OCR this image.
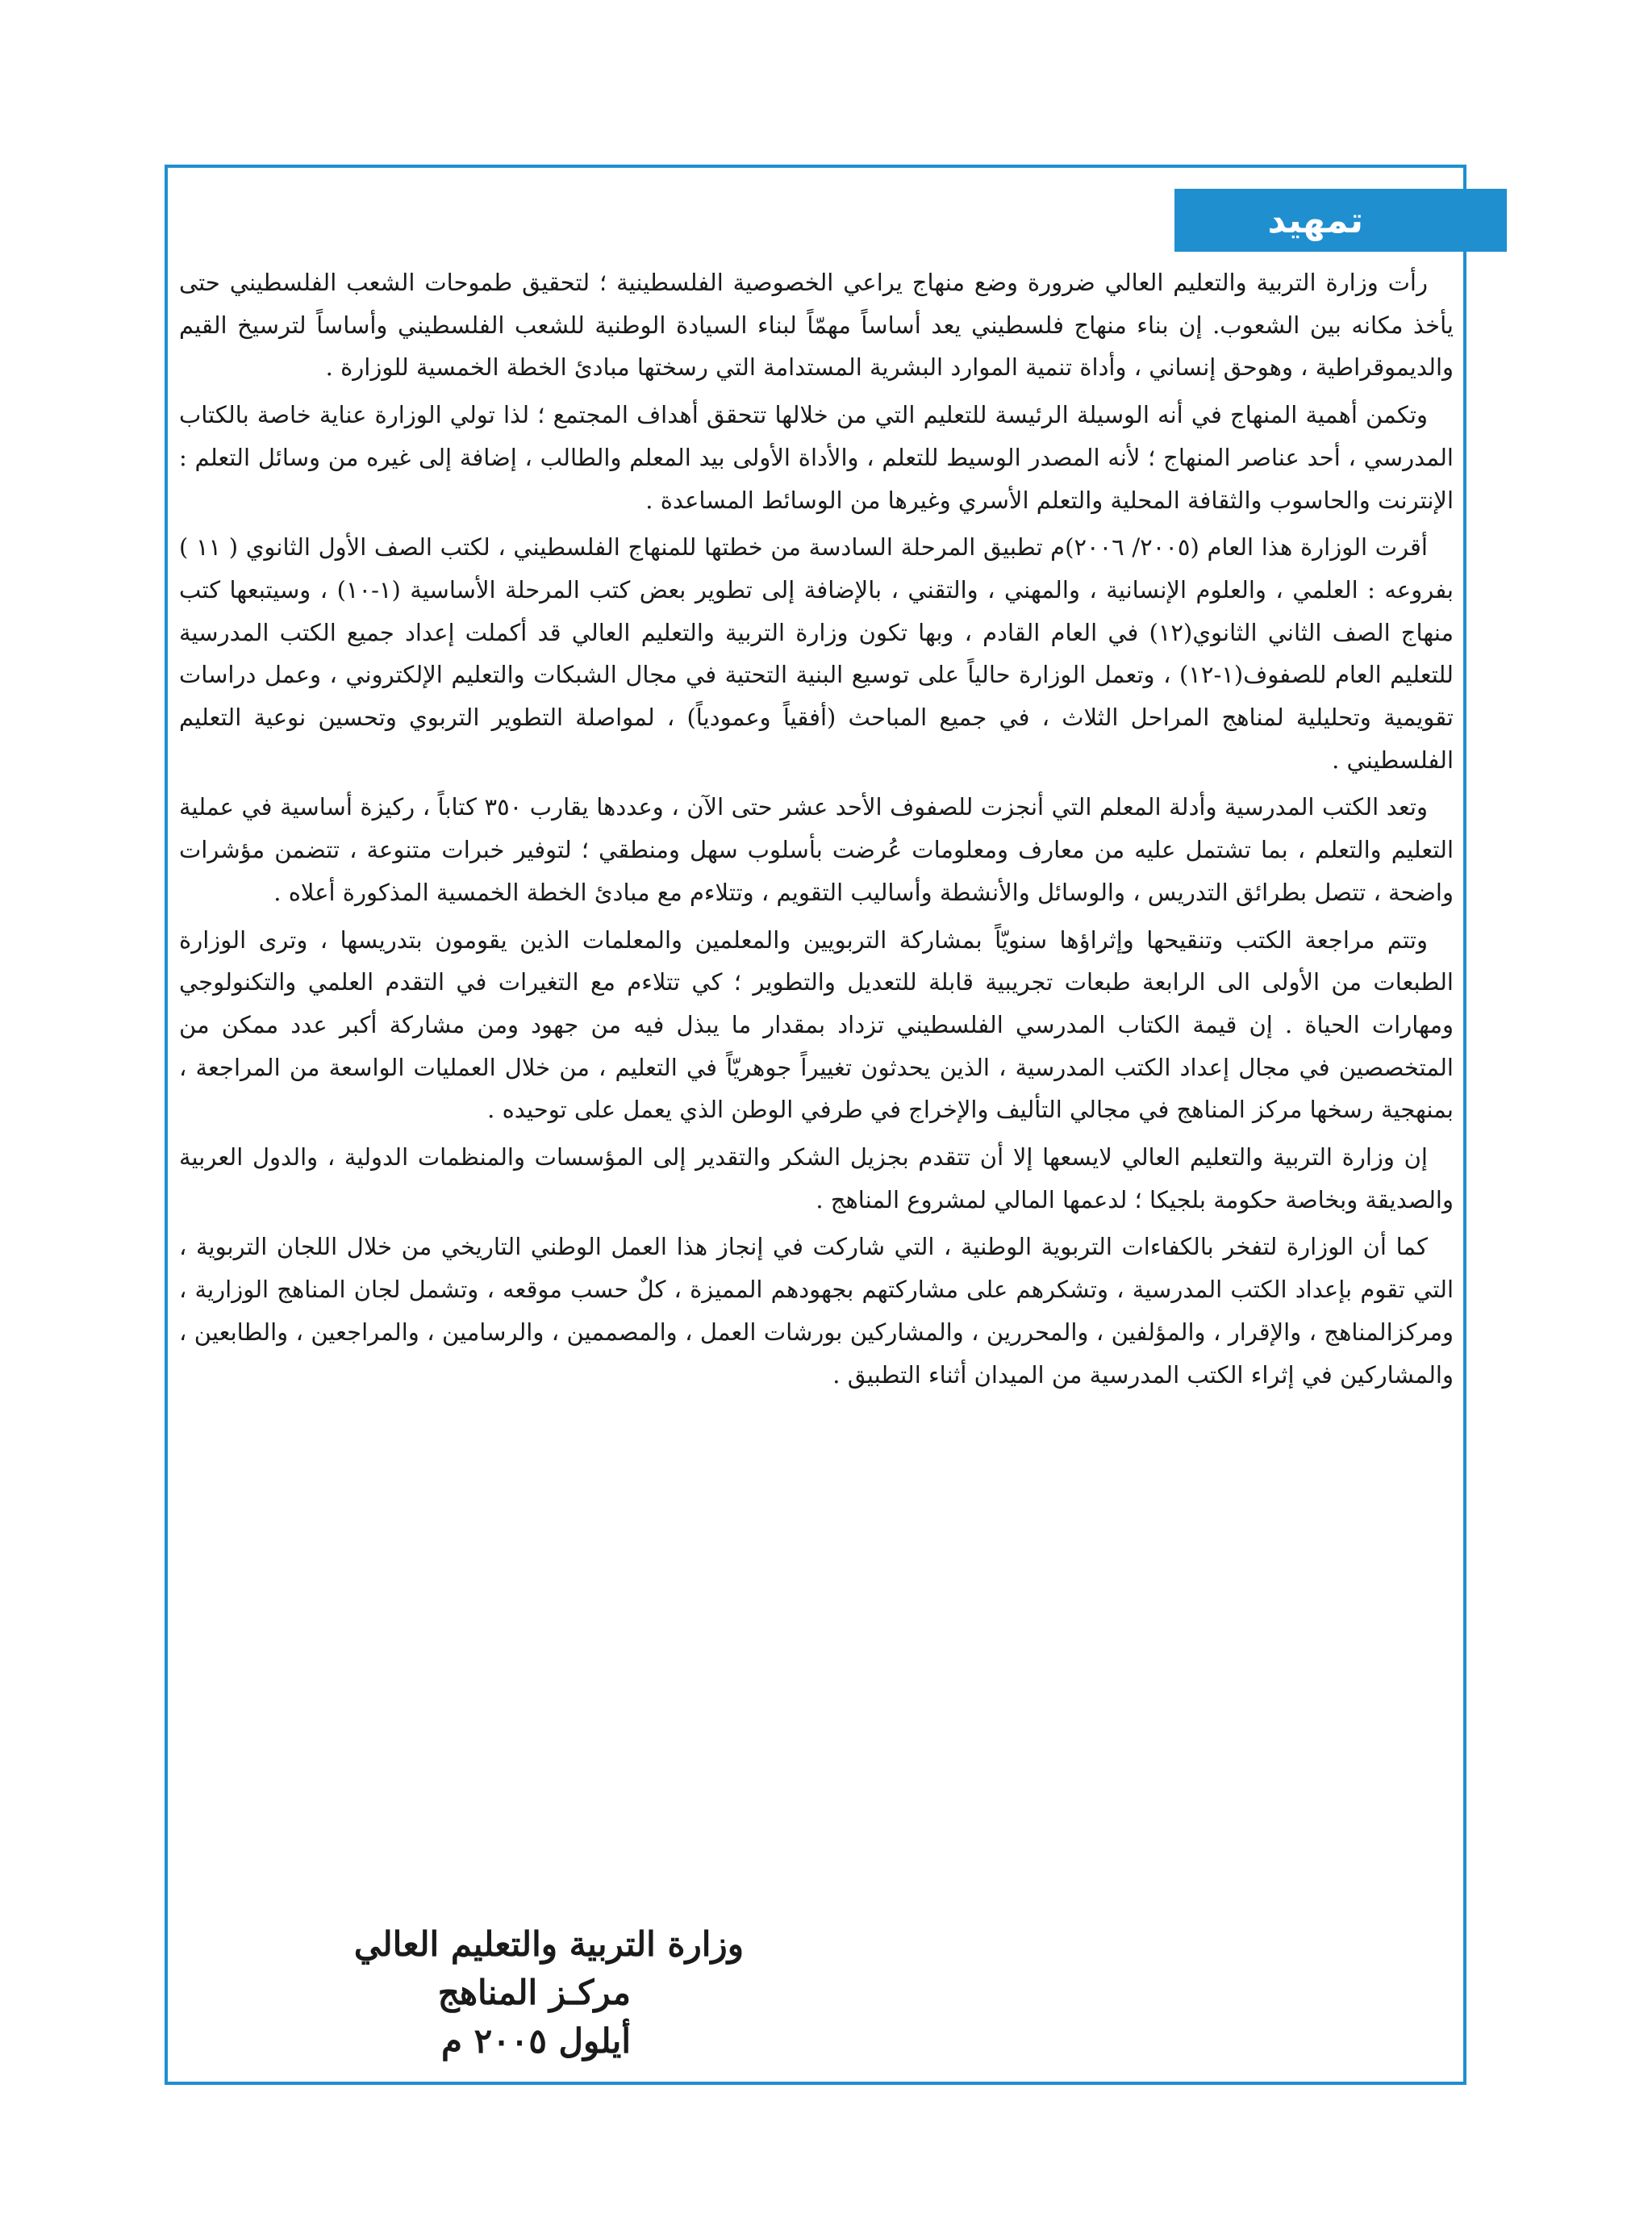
تمهيد

رأت وزارة التربية والتعليم العالي ضرورة وضع منهاج يراعي الخصوصية الفلسطينية ؛ لتحقيق طموحات الشعب الفلسطيني حتى يأخذ مكانه بين الشعوب. إن بناء منهاج فلسطيني يعد أساساً مهمّاً لبناء السيادة الوطنية للشعب الفلسطيني وأساساً لترسيخ القيم والديموقراطية ، وهوحق إنساني ، وأداة تنمية الموارد البشرية المستدامة التي رسختها مبادئ الخطة الخمسية للوزارة .

وتكمن أهمية المنهاج في أنه الوسيلة الرئيسة للتعليم التي من خلالها تتحقق أهداف المجتمع ؛ لذا تولي الوزارة عناية خاصة بالكتاب المدرسي ، أحد عناصر المنهاج ؛ لأنه المصدر الوسيط للتعلم ، والأداة الأولى بيد المعلم والطالب ، إضافة إلى غيره من وسائل التعلم : الإنترنت والحاسوب والثقافة المحلية والتعلم الأسري وغيرها من الوسائط المساعدة .

أقرت الوزارة هذا العام (٢٠٠٥/ ٢٠٠٦)م تطبيق المرحلة السادسة من خطتها للمنهاج الفلسطيني ، لكتب الصف الأول الثانوي ( ١١ ) بفروعه : العلمي ، والعلوم الإنسانية ، والمهني ، والتقني ، بالإضافة إلى تطوير بعض كتب المرحلة الأساسية (١-١٠) ، وسيتبعها كتب منهاج الصف الثاني الثانوي(١٢) في العام القادم ، وبها تكون وزارة التربية والتعليم العالي قد أكملت إعداد جميع الكتب المدرسية للتعليم العام للصفوف(١-١٢) ، وتعمل الوزارة حالياً على توسيع البنية التحتية في مجال الشبكات والتعليم الإلكتروني ، وعمل دراسات تقويمية وتحليلية لمناهج المراحل الثلاث ، في جميع المباحث (أفقياً وعمودياً) ، لمواصلة التطوير التربوي وتحسين نوعية التعليم الفلسطيني .

وتعد الكتب المدرسية وأدلة المعلم التي أنجزت للصفوف الأحد عشر حتى الآن ، وعددها يقارب ٣٥٠ كتاباً ، ركيزة أساسية في عملية التعليم والتعلم ، بما تشتمل عليه من معارف ومعلومات عُرضت بأسلوب سهل ومنطقي ؛ لتوفير خبرات متنوعة ، تتضمن مؤشرات واضحة ، تتصل بطرائق التدريس ، والوسائل والأنشطة وأساليب التقويم ، وتتلاءم مع مبادئ الخطة الخمسية المذكورة أعلاه .

وتتم مراجعة الكتب وتنقيحها وإثراؤها سنويّاً بمشاركة التربويين والمعلمين والمعلمات الذين يقومون بتدريسها ، وترى الوزارة الطبعات من الأولى الى الرابعة طبعات تجريبية قابلة للتعديل والتطوير ؛ كي تتلاءم مع التغيرات في التقدم العلمي والتكنولوجي ومهارات الحياة . إن قيمة الكتاب المدرسي الفلسطيني تزداد بمقدار ما يبذل فيه من جهود ومن مشاركة أكبر عدد ممكن من المتخصصين في مجال إعداد الكتب المدرسية ، الذين يحدثون تغييراً جوهريّاً في التعليم ، من خلال العمليات الواسعة من المراجعة ، بمنهجية رسخها مركز المناهج في مجالي التأليف والإخراج في طرفي الوطن الذي يعمل على توحيده .

إن وزارة التربية والتعليم العالي لايسعها إلا أن تتقدم بجزيل الشكر والتقدير إلى المؤسسات والمنظمات الدولية ، والدول العربية والصديقة وبخاصة حكومة بلجيكا ؛ لدعمها المالي لمشروع المناهج .

كما أن الوزارة لتفخر بالكفاءات التربوية الوطنية ، التي شاركت في إنجاز هذا العمل الوطني التاريخي من خلال اللجان التربوية ، التي تقوم بإعداد الكتب المدرسية ، وتشكرهم على مشاركتهم بجهودهم المميزة ، كلٌ حسب موقعه ، وتشمل لجان المناهج الوزارية ، ومركزالمناهج ، والإقرار ، والمؤلفين ، والمحررين ، والمشاركين بورشات العمل ، والمصممين ، والرسامين ، والمراجعين ، والطابعين ، والمشاركين في إثراء الكتب المدرسية من الميدان أثناء التطبيق .

وزارة التربية والتعليم العالي
مركـز المناهج
أيلول ٢٠٠٥ م
